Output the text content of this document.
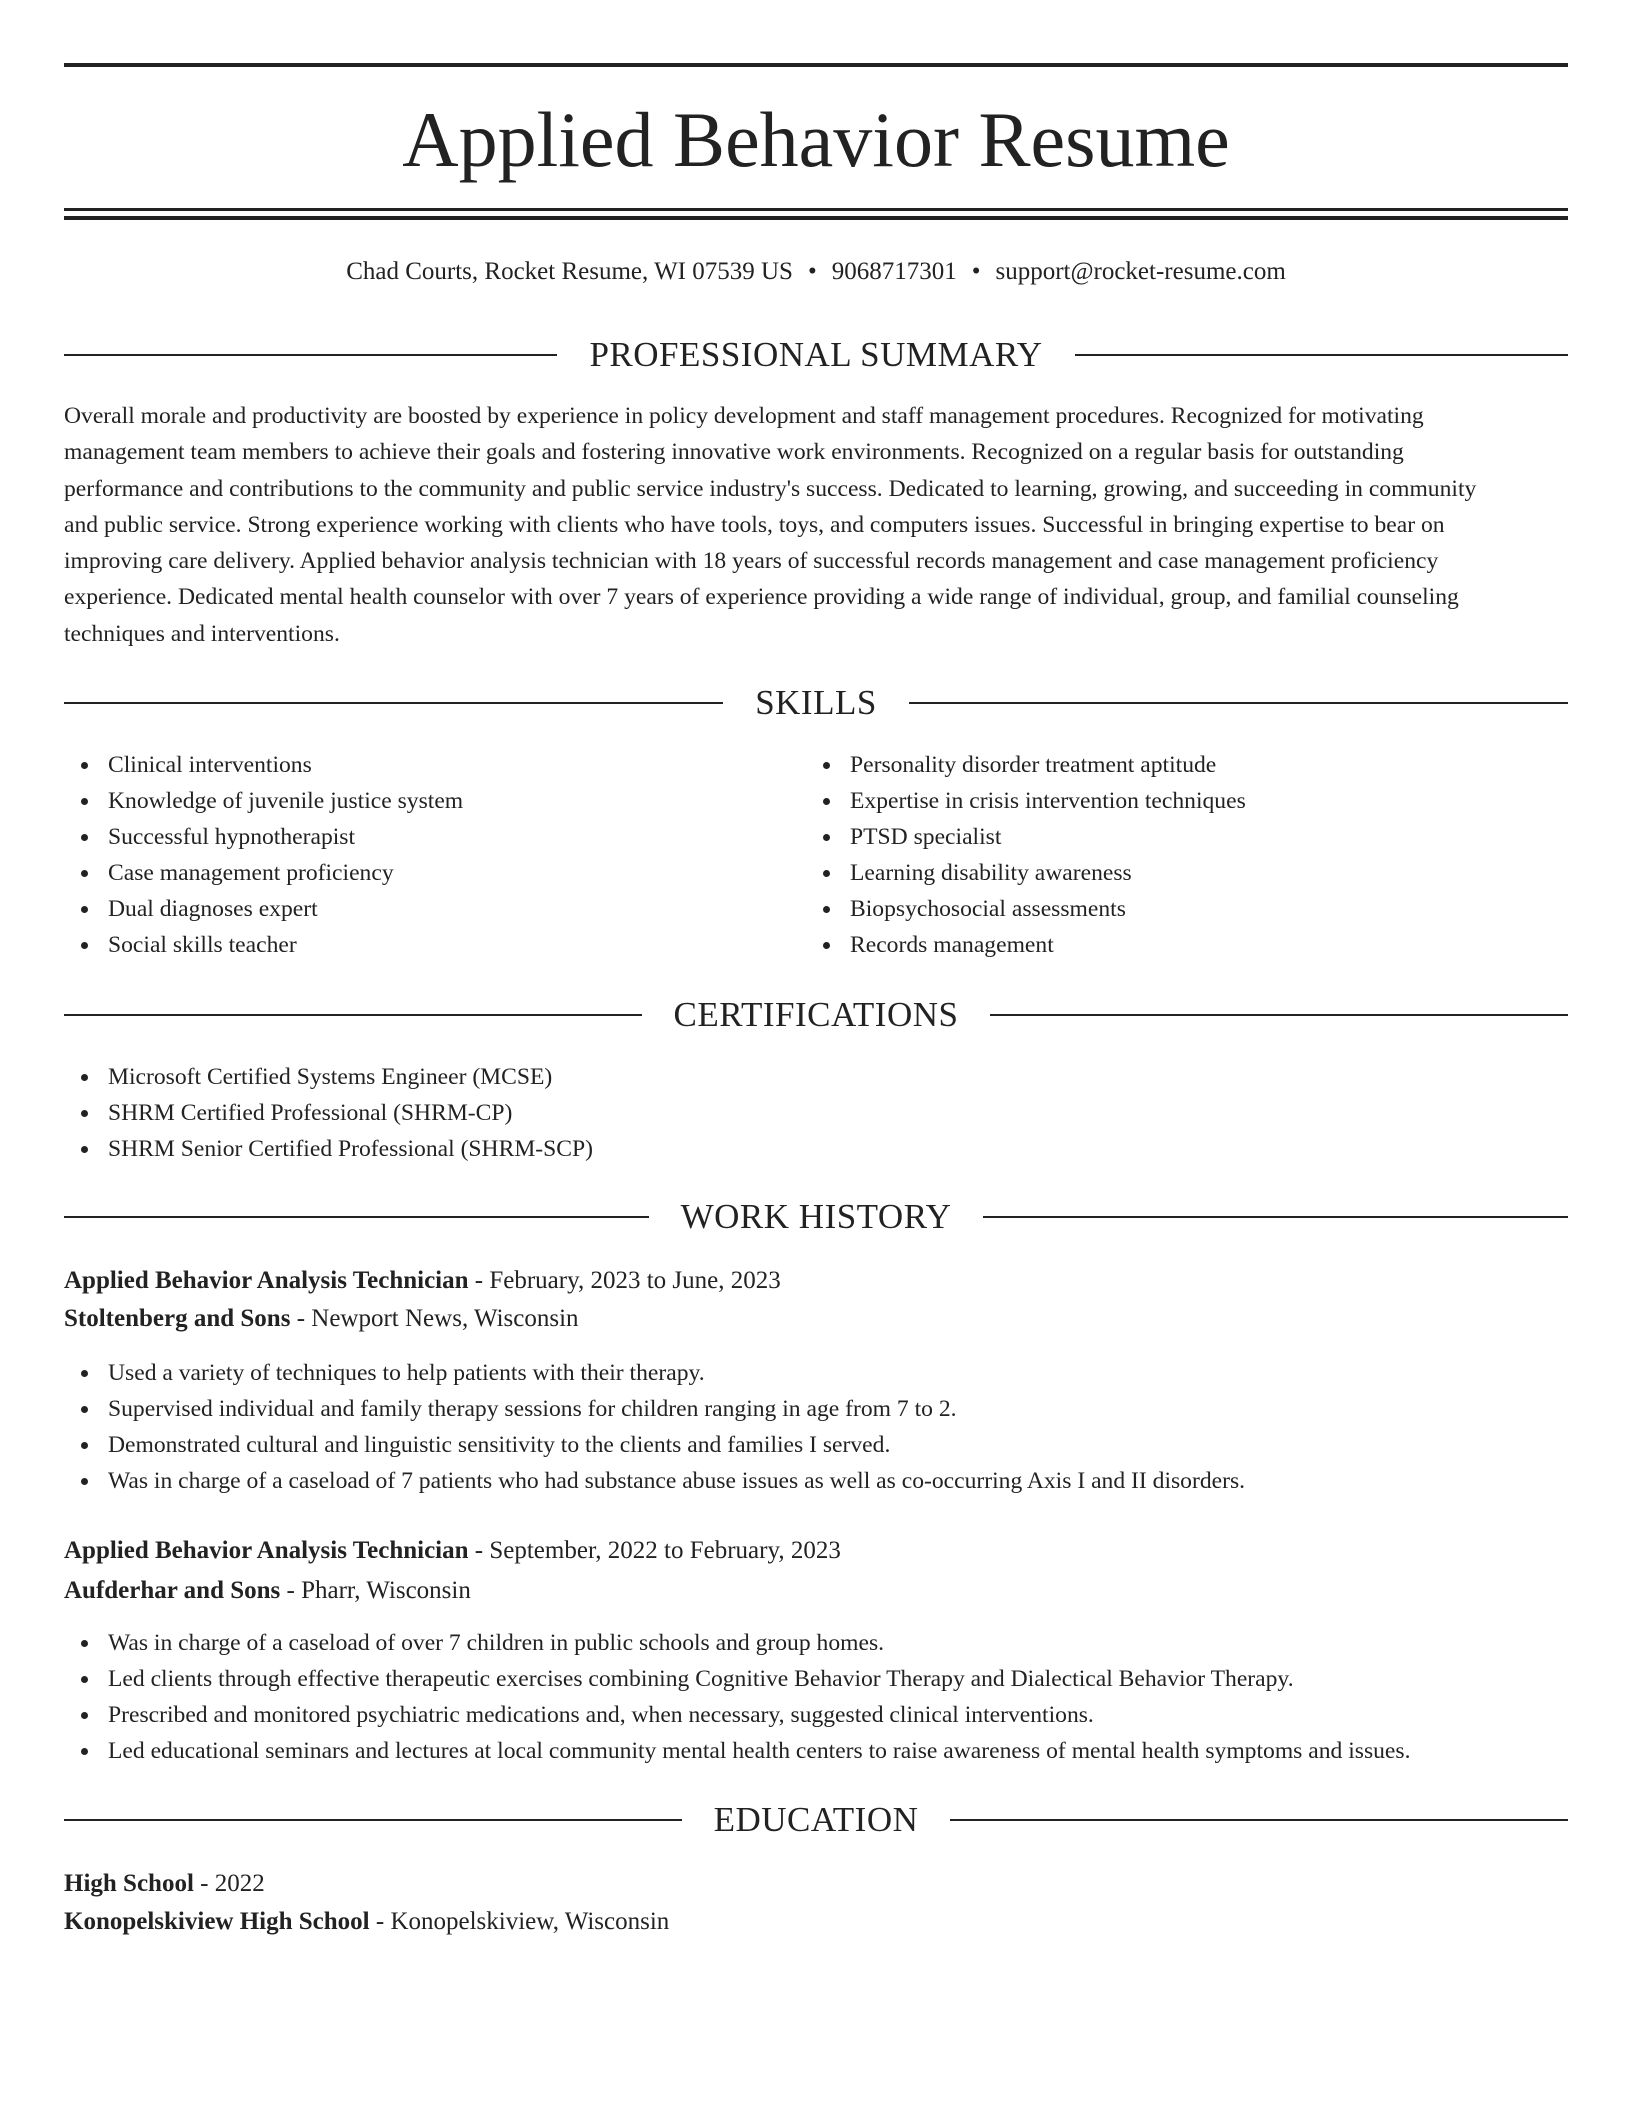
Applied Behavior Resume
Chad Courts, Rocket Resume, WI 07539 US • 9068717301 • support@rocket-resume.com
PROFESSIONAL SUMMARY
Overall morale and productivity are boosted by experience in policy development and staff management procedures. Recognized for motivating
management team members to achieve their goals and fostering innovative work environments. Recognized on a regular basis for outstanding
performance and contributions to the community and public service industry's success. Dedicated to learning, growing, and succeeding in community
and public service. Strong experience working with clients who have tools, toys, and computers issues. Successful in bringing expertise to bear on
improving care delivery. Applied behavior analysis technician with 18 years of successful records management and case management proficiency
experience. Dedicated mental health counselor with over 7 years of experience providing a wide range of individual, group, and familial counseling
techniques and interventions.
SKILLS
Clinical interventions
Knowledge of juvenile justice system
Successful hypnotherapist
Case management proficiency
Dual diagnoses expert
Social skills teacher
Personality disorder treatment aptitude
Expertise in crisis intervention techniques
PTSD specialist
Learning disability awareness
Biopsychosocial assessments
Records management
CERTIFICATIONS
Microsoft Certified Systems Engineer (MCSE)
SHRM Certified Professional (SHRM-CP)
SHRM Senior Certified Professional (SHRM-SCP)
WORK HISTORY
Applied Behavior Analysis Technician - February, 2023 to June, 2023
Stoltenberg and Sons - Newport News, Wisconsin
Used a variety of techniques to help patients with their therapy.
Supervised individual and family therapy sessions for children ranging in age from 7 to 2.
Demonstrated cultural and linguistic sensitivity to the clients and families I served.
Was in charge of a caseload of 7 patients who had substance abuse issues as well as co-occurring Axis I and II disorders.
Applied Behavior Analysis Technician - September, 2022 to February, 2023
Aufderhar and Sons - Pharr, Wisconsin
Was in charge of a caseload of over 7 children in public schools and group homes.
Led clients through effective therapeutic exercises combining Cognitive Behavior Therapy and Dialectical Behavior Therapy.
Prescribed and monitored psychiatric medications and, when necessary, suggested clinical interventions.
Led educational seminars and lectures at local community mental health centers to raise awareness of mental health symptoms and issues.
EDUCATION
High School - 2022
Konopelskiview High School - Konopelskiview, Wisconsin
